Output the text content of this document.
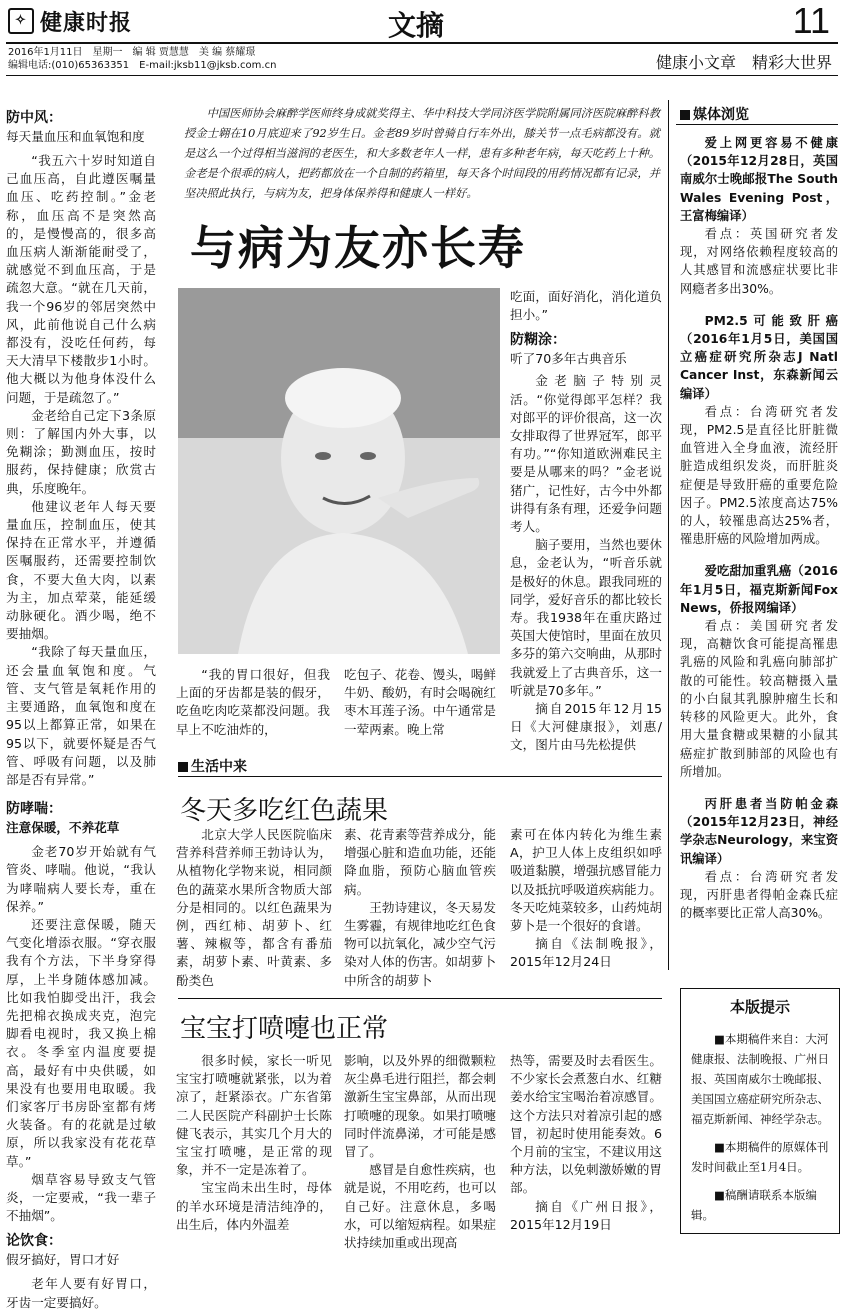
✧ 健康时报	文摘	11
2016年1月11日　星期一　编 辑 贾慧慧　美 编 蔡耀璟
编辑电话:(010)65363351　E-mail:jksb11@jksb.com.cn	健康小文章　精彩大世界
防中风：
每天量血压和血氧饱和度

“我五六十岁时知道自己血压高，自此遵医嘱量血压、吃药控制。”金老称，血压高不是突然高的，是慢慢高的，很多高血压病人渐渐能耐受了，就感觉不到血压高，于是疏忽大意。“就在几天前，我一个96岁的邻居突然中风，此前他说自己什么病都没有，没吃任何药，每天大清早下楼散步1小时。他大概以为他身体没什么问题，于是疏忽了。”

金老给自己定下3条原则：了解国内外大事，以免糊涂；勤测血压，按时服药，保持健康；欣赏古典，乐度晚年。

他建议老年人每天要量血压，控制血压，使其保持在正常水平，并遵循医嘱服药，还需要控制饮食，不要大鱼大肉，以素为主，加点荤菜，能延缓动脉硬化。酒少喝，绝不要抽烟。

“我除了每天量血压，还会量血氧饱和度。气管、支气管是氧耗作用的主要通路，血氧饱和度在95以上都算正常，如果在95以下，就要怀疑是否气管、呼吸有问题，以及肺部是否有异常。”

防哮喘：
注意保暖，不养花草

金老70岁开始就有气管炎、哮喘。他说，“我认为哮喘病人要长寿，重在保养。”

还要注意保暖，随天气变化增添衣服。“穿衣服我有个方法，下半身穿得厚，上半身随体感加减。比如我怕脚受出汗，我会先把棉衣换成夹克，泡完脚看电视时，我又换上棉衣。冬季室内温度要提高，最好有中央供暖，如果没有也要用电取暖。我们家客厅书房卧室都有烤火装备。有的花就是过敏原，所以我家没有花花草草。”

烟草容易导致支气管炎，一定要戒，“我一辈子不抽烟”。

论饮食：
假牙搞好，胃口才好

老年人要有好胃口，牙齿一定要搞好。

中国医师协会麻醉学医师终身成就奖得主、华中科技大学同济医学院附属同济医院麻醉科教授金士翱在10月底迎来了92岁生日。金老89岁时曾骑自行车外出，膝关节一点毛病都没有。就是这么一个过得相当滋润的老医生，和大多数老年人一样，患有多种老年病，每天吃药上十种。金老是个很乖的病人，把药都放在一个自制的药箱里，每天各个时间段的用药情况都有记录，并坚决照此执行，与病为友，把身体保养得和健康人一样好。
与病为友亦长寿

吃面，面好消化，消化道负担小。”

防糊涂：
听了70多年古典音乐

金老脑子特别灵活。“你觉得郎平怎样？我对郎平的评价很高，这一次女排取得了世界冠军，郎平有功。”“你知道欧洲难民主要是从哪来的吗？”金老说猪广，记性好，古今中外都讲得有条有理，还爱争问题考人。

脑子要用，当然也要休息，金老认为，“听音乐就是极好的休息。跟我同班的同学，爱好音乐的都比较长寿。我1938年在重庆路过英国大使馆时，里面在放贝多芬的第六交响曲，从那时我就爱上了古典音乐，这一听就是70多年。”

摘自2015年12月15日《大河健康报》，刘惠/文，图片由马先松提供

“我的胃口很好，但我上面的牙齿都是装的假牙，吃鱼吃肉吃菜都没问题。我早上不吃油炸的，

吃包子、花卷、馒头，喝鲜牛奶、酸奶，有时会喝碗红枣木耳莲子汤。中午通常是一荤两素。晚上常

生活中来
冬天多吃红色蔬果

北京大学人民医院临床营养科营养师王勃诗认为，从植物化学物来说，相同颜色的蔬菜水果所含物质大部分是相同的。以红色蔬果为例，西红柿、胡萝卜、红薯、辣椒等，都含有番茄素，胡萝卜素、叶黄素、多酚类色

素、花青素等营养成分，能增强心脏和造血功能，还能降血脂，预防心脑血管疾病。

王勃诗建议，冬天易发生雾霾，有规律地吃红色食物可以抗氧化，减少空气污染对人体的伤害。如胡萝卜中所含的胡萝卜

素可在体内转化为维生素A，护卫人体上皮组织如呼吸道黏膜，增强抗感冒能力以及抵抗呼吸道疾病能力。冬天吃炖菜较多，山药炖胡萝卜是一个很好的食谱。

摘自《法制晚报》，2015年12月24日

宝宝打喷嚏也正常

很多时候，家长一听见宝宝打喷嚏就紧张，以为着凉了，赶紧添衣。广东省第二人民医院产科副护士长陈健飞表示，其实几个月大的宝宝打喷嚏，是正常的现象，并不一定是冻着了。

宝宝尚未出生时，母体的羊水环境是清洁纯净的，出生后，体内外温差

影响，以及外界的细微颗粒灰尘鼻毛进行阻拦，都会刺激新生宝宝鼻部，从而出现打喷嚏的现象。如果打喷嚏同时伴流鼻涕，才可能是感冒了。

感冒是自愈性疾病，也就是说，不用吃药，也可以自己好。注意休息，多喝水，可以缩短病程。如果症状持续加重或出现高

热等，需要及时去看医生。不少家长会煮葱白水、红糖姜水给宝宝喝治着凉感冒。这个方法只对着凉引起的感冒，初起时使用能奏效。6个月前的宝宝，不建议用这种方法，以免刺激娇嫩的胃部。

摘自《广州日报》，2015年12月19日

媒体浏览

爱上网更容易不健康（2015年12月28日，英国南威尔士晚邮报The South Wales Evening Post，王富梅编译）

看点：英国研究者发现，对网络依赖程度较高的人其感冒和流感症状要比非网瘾者多出30%。

PM2.5可能致肝癌（2016年1月5日，美国国立癌症研究所杂志J Natl Cancer Inst，东森新闻云编译）

看点：台湾研究者发现，PM2.5是直径比肝脏微血管进入全身血液，流经肝脏造成组织发炎，而肝脏炎症便是导致肝癌的重要危险因子。PM2.5浓度高达75%的人，较罹患高达25%者，罹患肝癌的风险增加两成。

爱吃甜加重乳癌（2016年1月5日，福克斯新闻Fox News，侨报网编译）

看点：美国研究者发现，高糖饮食可能提高罹患乳癌的风险和乳癌向肺部扩散的可能性。较高糖摄入量的小白鼠其乳腺肿瘤生长和转移的风险更大。此外，食用大量食糖或果糖的小鼠其癌症扩散到肺部的风险也有所增加。

丙肝患者当防帕金森（2015年12月23日，神经学杂志Neurology，来宝资讯编译）

看点：台湾研究者发现，丙肝患者得帕金森氏症的概率要比正常人高30%。

本版提示

■本期稿件来自：大河健康报、法制晚报、广州日报、英国南威尔士晚邮报、美国国立癌症研究所杂志、福克斯新闻、神经学杂志。

■本期稿件的原媒体刊发时间截止至1月4日。

■稿酬请联系本版编辑。
